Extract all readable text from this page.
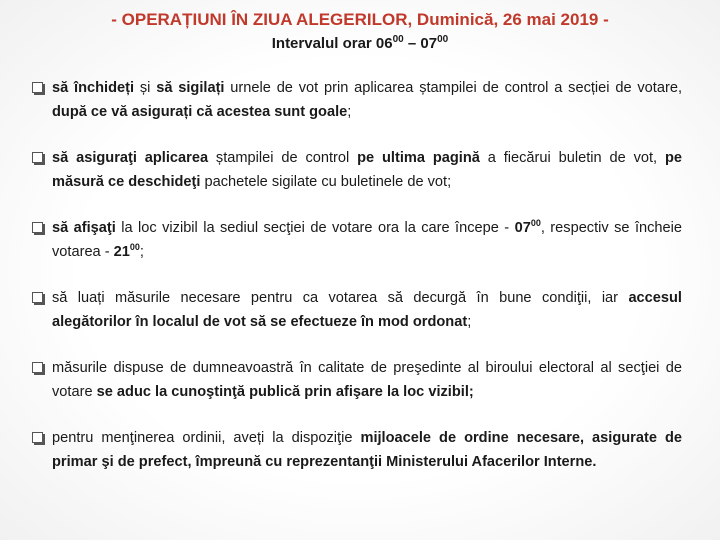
- OPERAȚIUNI ÎN ZIUA ALEGERILOR, Duminică, 26 mai 2019 -
Intervalul orar $06^{00} - 07^{00}$
să închideți și să sigilați urnele de vot prin aplicarea ștampilei de control a secției de votare, după ce vă asigurați că acestea sunt goale;
să asiguraţi aplicarea ștampilei de control pe ultima pagină a fiecărui buletin de vot, pe măsură ce deschideţi pachetele sigilate cu buletinele de vot;
să afişaţi la loc vizibil la sediul secţiei de votare ora la care începe - $07^{00}$, respectiv se încheie votarea - $21^{00}$;
să luați măsurile necesare pentru ca votarea să decurgă în bune condiţii, iar accesul alegătorilor în localul de vot să se efectueze în mod ordonat;
măsurile dispuse de dumneavoastră în calitate de preşedinte al biroului electoral al secţiei de votare se aduc la cunoştinţă publică prin afişare la loc vizibil;
pentru menţinerea ordinii, aveți la dispoziţie mijloacele de ordine necesare, asigurate de primar şi de prefect, împreună cu reprezentanţii Ministerului Afacerilor Interne.
